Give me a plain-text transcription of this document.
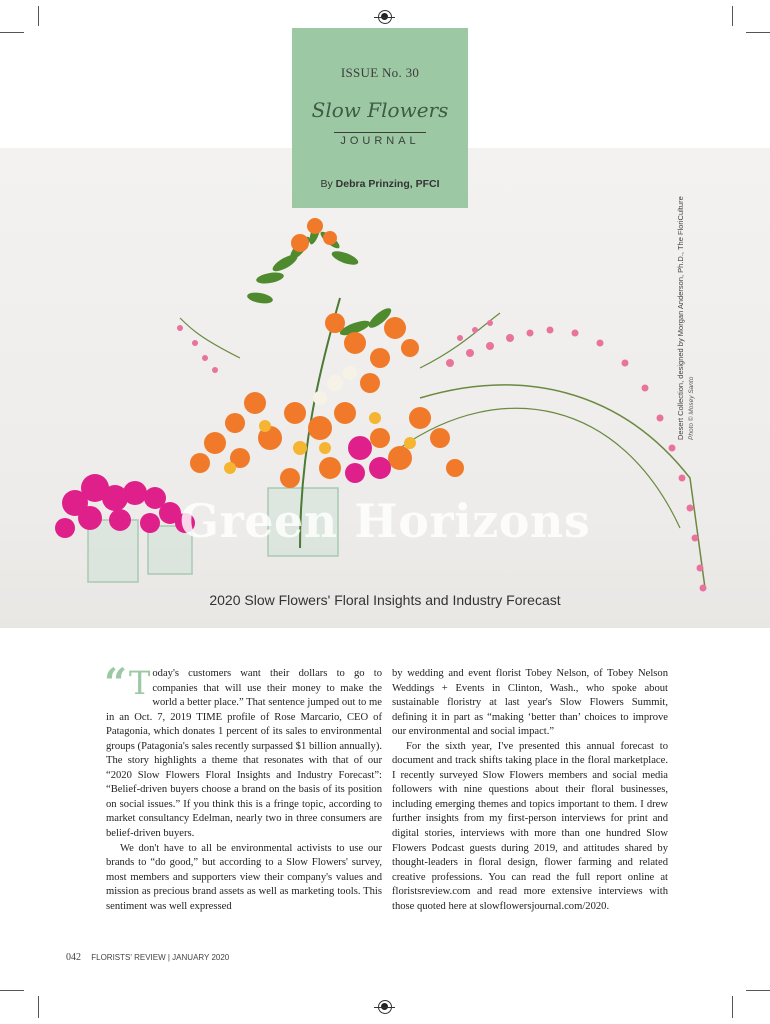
ISSUE No. 30
Slow Flowers
JOURNAL
By Debra Prinzing, PFCI
Desert Collection, designed by Morgan Anderson, Ph.D., The FloriCulture Photo © Mosey Santo
Green Horizons
2020 Slow Flowers' Floral Insights and Industry Forecast

“ T oday's customers want their dollars to go to companies that will use their money to make the world a better place.” That sentence jumped out to me in an Oct. 7, 2019 TIME profile of Rose Marcario, CEO of Patagonia, which donates 1 percent of its sales to environmental groups (Patagonia's sales recently surpassed $1 billion annually). The story highlights a theme that resonates with that of our “2020 Slow Flowers Floral Insights and Industry Forecast”: “Belief-driven buyers choose a brand on the basis of its position on social issues.” If you think this is a fringe topic, according to market consultancy Edelman, nearly two in three consumers are belief-driven buyers.

We don't have to all be environmental activists to use our brands to “do good,” but according to a Slow Flowers' survey, most members and supporters view their company's values and mission as precious brand assets as well as marketing tools. This sentiment was well expressed

by wedding and event florist Tobey Nelson, of Tobey Nelson Weddings + Events in Clinton, Wash., who spoke about sustainable floristry at last year's Slow Flowers Summit, defining it in part as “making ‘better than’ choices to improve our environmental and social impact.”

For the sixth year, I've presented this annual forecast to document and track shifts taking place in the floral marketplace. I recently surveyed Slow Flowers members and social media followers with nine questions about their floral businesses, including emerging themes and topics important to them. I drew further insights from my first-person interviews for print and digital stories, interviews with more than one hundred Slow Flowers Podcast guests during 2019, and attitudes shared by thought-leaders in floral design, flower farming and related creative professions. You can read the full report online at floristsreview.com and read more extensive interviews with those quoted here at slowflowersjournal.com/2020.

042 FLORISTS' REVIEW | JANUARY 2020
